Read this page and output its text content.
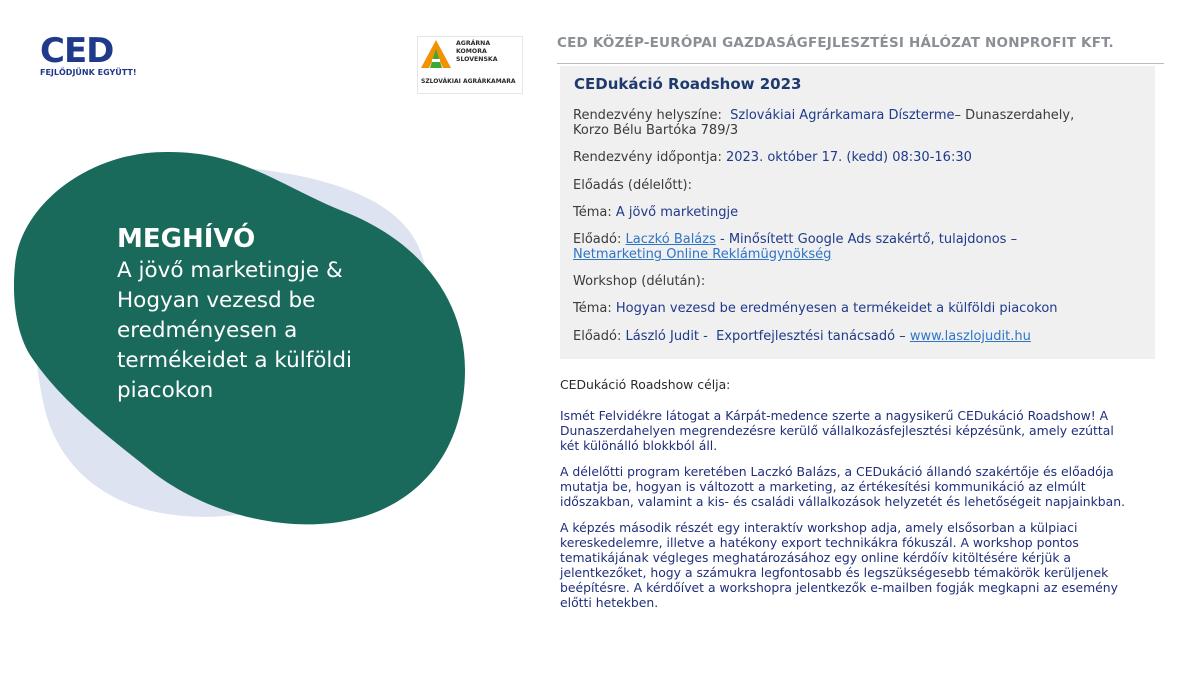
CED
FEJLŐDJÜNK EGYÜTT!
AGRÁRNA
KOMORA
SLOVENSKA
SZLOVÁKIAI AGRÁRKAMARA
MEGHÍVÓ
A jövő marketingje &
Hogyan vezesd be
eredményesen a
termékeidet a külföldi
piacokon
CED KÖZÉP-EURÓPAI GAZDASÁGFEJLESZTÉSI HÁLÓZAT NONPROFIT KFT.
CEDukáció Roadshow 2023
Rendezvény helyszíne: Szlovákiai Agrárkamara Díszterme– Dunaszerdahely,
Korzo Bélu Bartóka 789/3
Rendezvény időpontja: 2023. október 17. (kedd) 08:30-16:30
Előadás (délelőtt):
Téma: A jövő marketingje
Előadó: Laczkó Balázs - Minősített Google Ads szakértő, tulajdonos –
Netmarketing Online Reklámügynökség
Workshop (délután):
Téma: Hogyan vezesd be eredményesen a termékeidet a külföldi piacokon
Előadó: László Judit - Exportfejlesztési tanácsadó – www.laszlojudit.hu

CEDukáció Roadshow célja:

Ismét Felvidékre látogat a Kárpát-medence szerte a nagysikerű CEDukáció Roadshow! A Dunaszerdahelyen megrendezésre kerülő vállalkozásfejlesztési képzésünk, amely ezúttal két különálló blokkból áll.

A délelőtti program keretében Laczkó Balázs, a CEDukáció állandó szakértője és előadója mutatja be, hogyan is változott a marketing, az értékesítési kommunikáció az elmúlt időszakban, valamint a kis- és családi vállalkozások helyzetét és lehetőségeit napjainkban.

A képzés második részét egy interaktív workshop adja, amely elsősorban a külpiaci kereskedelemre, illetve a hatékony export technikákra fókuszál. A workshop pontos tematikájának végleges meghatározásához egy online kérdőív kitöltésére kérjük a jelentkezőket, hogy a számukra legfontosabb és legszükségesebb témakörök kerüljenek beépítésre. A kérdőívet a workshopra jelentkezők e-mailben fogják megkapni az esemény előtti hetekben.
